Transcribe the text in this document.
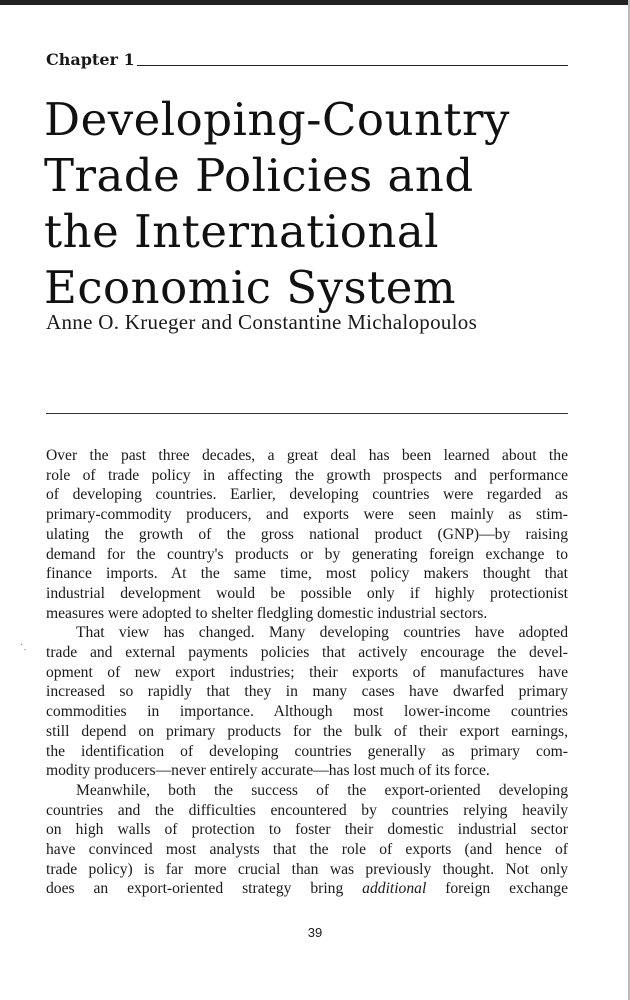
Chapter 1
Developing-Country
Trade Policies and
the International
Economic System
Anne O. Krueger and Constantine Michalopoulos
Over the past three decades, a great deal has been learned about the
role of trade policy in affecting the growth prospects and performance
of developing countries. Earlier, developing countries were regarded as
primary-commodity producers, and exports were seen mainly as stim-
ulating the growth of the gross national product (GNP)—by raising
demand for the country's products or by generating foreign exchange to
finance imports. At the same time, most policy makers thought that
industrial development would be possible only if highly protectionist
measures were adopted to shelter fledgling domestic industrial sectors.
That view has changed. Many developing countries have adopted
trade and external payments policies that actively encourage the devel-
opment of new export industries; their exports of manufactures have
increased so rapidly that they in many cases have dwarfed primary
commodities in importance. Although most lower-income countries
still depend on primary products for the bulk of their export earnings,
the identification of developing countries generally as primary com-
modity producers—never entirely accurate—has lost much of its force.
Meanwhile, both the success of the export-oriented developing
countries and the difficulties encountered by countries relying heavily
on high walls of protection to foster their domestic industrial sector
have convinced most analysts that the role of exports (and hence of
trade policy) is far more crucial than was previously thought. Not only
does an export-oriented strategy bring additional foreign exchange
·ˎ
39
